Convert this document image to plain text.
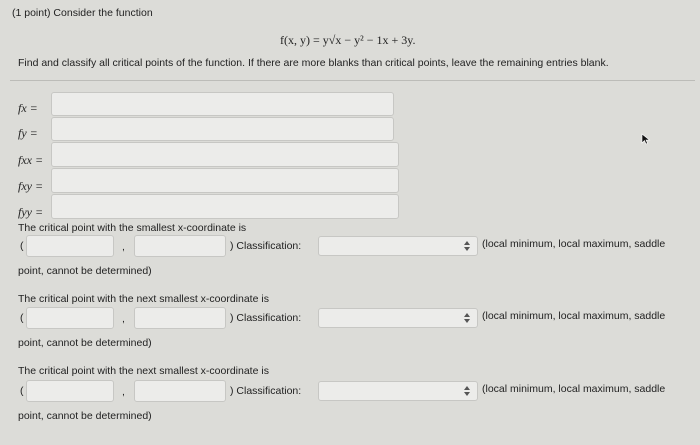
(1 point) Consider the function
f(x, y) = y√x − y² − 1x + 3y.
Find and classify all critical points of the function. If there are more blanks than critical points, leave the remaining entries blank.
fx =
fy =
fxx =
fxy =
fyy =
The critical point with the smallest x-coordinate is
(	,	) Classification:	(local minimum, local maximum, saddle
point, cannot be determined)
The critical point with the next smallest x-coordinate is
(	,	) Classification:	(local minimum, local maximum, saddle
point, cannot be determined)
The critical point with the next smallest x-coordinate is
(	,	) Classification:	(local minimum, local maximum, saddle
point, cannot be determined)
